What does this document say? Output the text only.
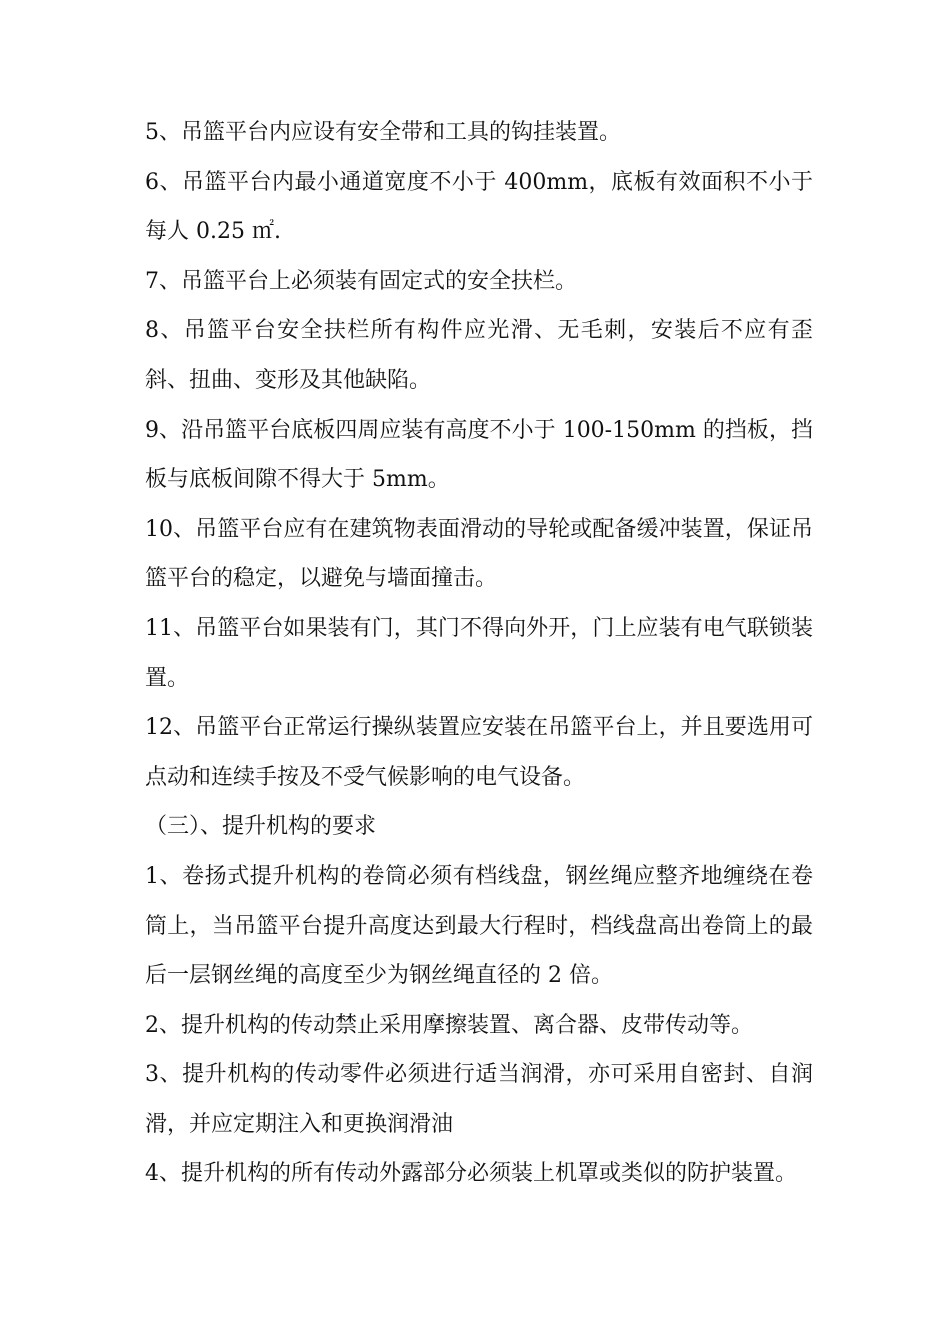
5、吊篮平台内应设有安全带和工具的钩挂装置。

6、吊篮平台内最小通道宽度不小于 400mm，底板有效面积不小于每人 0.25 ㎡.

7、吊篮平台上必须装有固定式的安全扶栏。

8、吊篮平台安全扶栏所有构件应光滑、无毛刺，安装后不应有歪斜、扭曲、变形及其他缺陷。

9、沿吊篮平台底板四周应装有高度不小于 100-150mm 的挡板，挡板与底板间隙不得大于 5mm。

10、吊篮平台应有在建筑物表面滑动的导轮或配备缓冲装置，保证吊篮平台的稳定，以避免与墙面撞击。

11、吊篮平台如果装有门，其门不得向外开，门上应装有电气联锁装置。

12、吊篮平台正常运行操纵装置应安装在吊篮平台上，并且要选用可点动和连续手按及不受气候影响的电气设备。

（三）、提升机构的要求

1、卷扬式提升机构的卷筒必须有档线盘，钢丝绳应整齐地缠绕在卷筒上，当吊篮平台提升高度达到最大行程时，档线盘高出卷筒上的最后一层钢丝绳的高度至少为钢丝绳直径的 2 倍。

2、提升机构的传动禁止采用摩擦装置、离合器、皮带传动等。

3、提升机构的传动零件必须进行适当润滑，亦可采用自密封、自润滑，并应定期注入和更换润滑油

4、提升机构的所有传动外露部分必须装上机罩或类似的防护装置。
